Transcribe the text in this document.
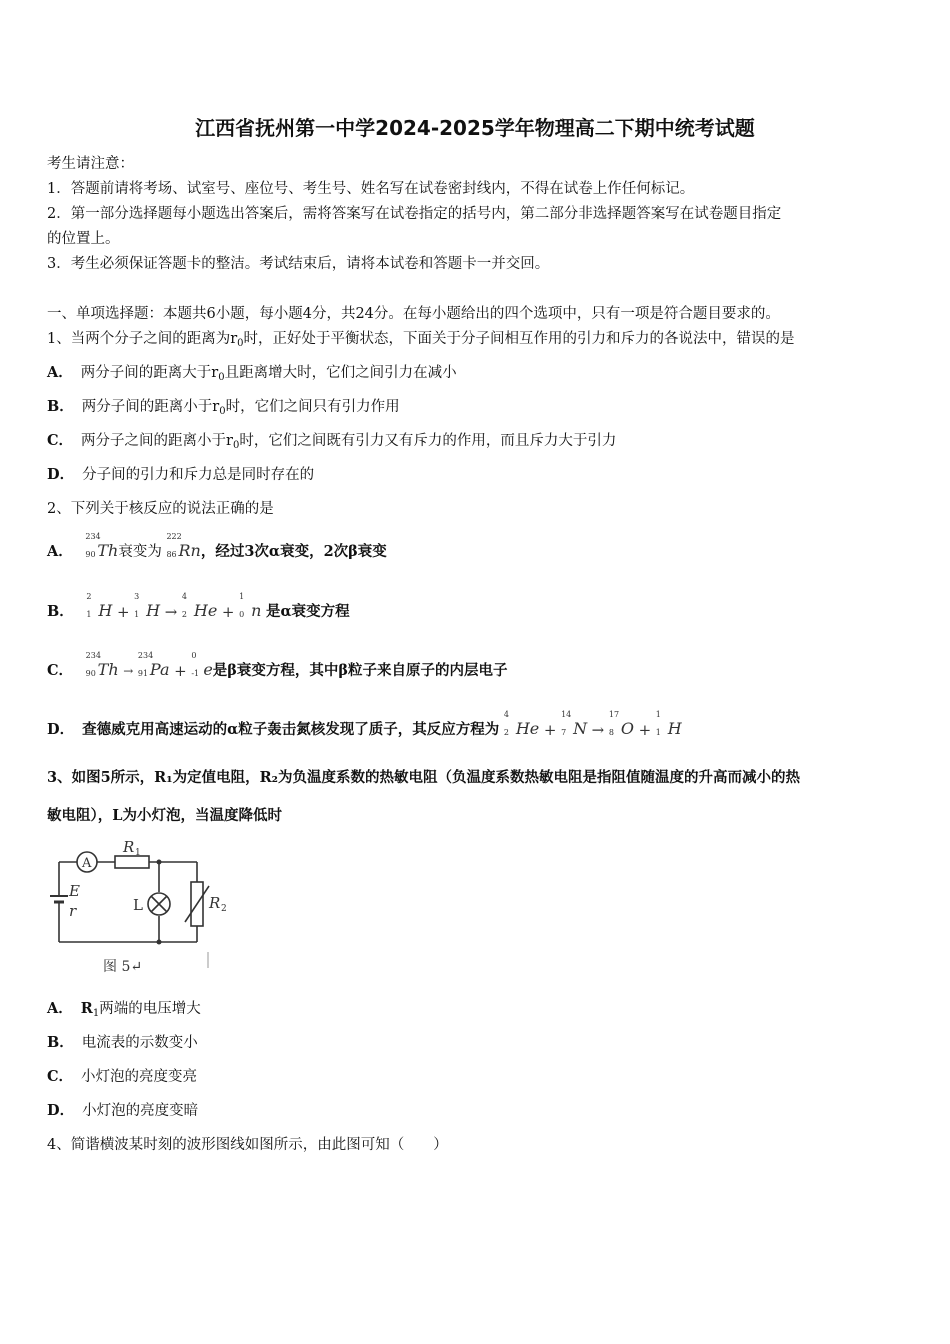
江西省抚州第一中学2024-2025学年物理高二下期中统考试题
考生请注意：
1．答题前请将考场、试室号、座位号、考生号、姓名写在试卷密封线内，不得在试卷上作任何标记。
2．第一部分选择题每小题选出答案后，需将答案写在试卷指定的括号内，第二部分非选择题答案写在试卷题目指定
的位置上。
3．考生必须保证答题卡的整洁。考试结束后，请将本试卷和答题卡一并交回。
一、单项选择题：本题共6小题，每小题4分，共24分。在每小题给出的四个选项中，只有一项是符合题目要求的。
1、当两个分子之间的距离为$r_0$时，正好处于平衡状态，下面关于分子间相互作用的引力和斥力的各说法中，错误的是
A． 两分子间的距离大于$r_0$且距离增大时，它们之间引力在减小
B． 两分子间的距离小于$r_0$时，它们之间只有引力作用
C． 两分子之间的距离小于$r_0$时，它们之间既有引力又有斥力的作用，而且斥力大于引力
D． 分子间的引力和斥力总是同时存在的
2、下列关于核反应的说法正确的是
A．
234
90 Th衰变为
222
86 Rn，经过3次α衰变，2次β衰变
B．
2
1 H +
3
1 H →
4
2 He +
1
0 n 是α衰变方程
C．
234
90 Th →
234
91 Pa +
0
-1 e是β衰变方程，其中β粒子来自原子的内层电子
D． 查德威克用高速运动的α粒子轰击氮核发现了质子，其反应方程为
4
2 He +
14
7 N →
17
8 O +
1
1 H
3、如图5所示，R₁为定值电阻，R₂为负温度系数的热敏电阻（负温度系数热敏电阻是指阻值随温度的升高而减小的热
敏电阻），L为小灯泡，当温度降低时
A
R 1
R 2
E
r	L
图 5↵
A． $R_1$两端的电压增大
B． 电流表的示数变小
C． 小灯泡的亮度变亮
D． 小灯泡的亮度变暗
4、简谐横波某时刻的波形图线如图所示，由此图可知（　　）
